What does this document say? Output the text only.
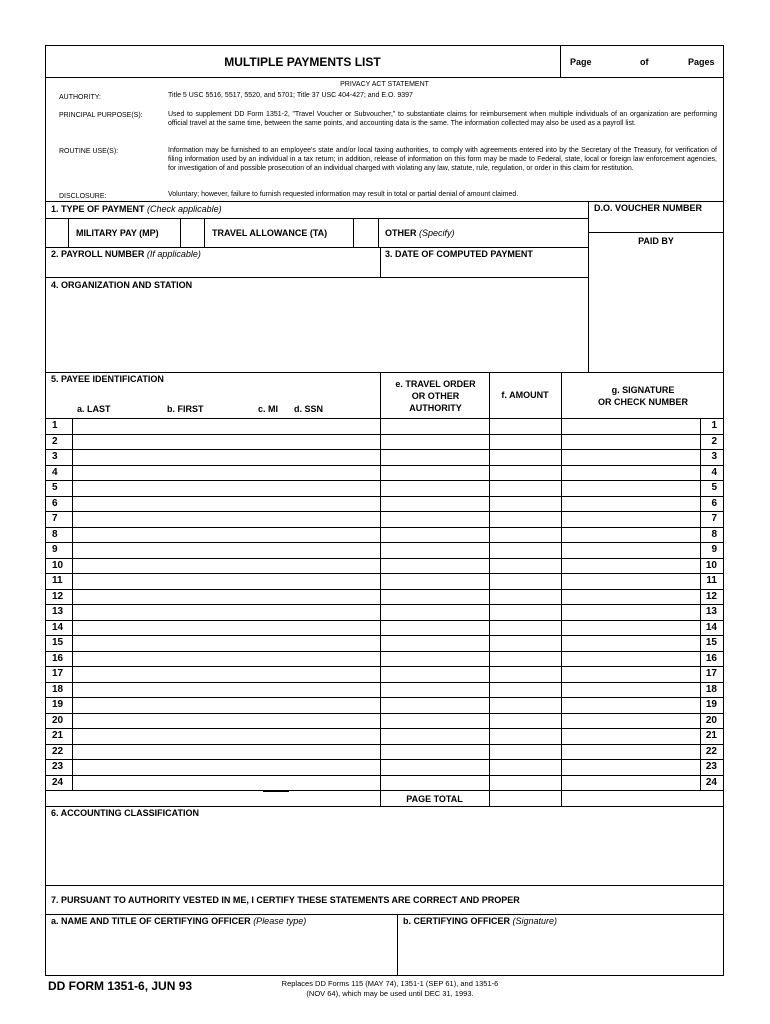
MULTIPLE PAYMENTS LIST	Page	of	Pages
PRIVACY ACT STATEMENT
AUTHORITY:	Title 5 USC 5516, 5517, 5520, and 5701; Title 37 USC 404-427; and E.O. 9397
PRINCIPAL PURPOSE(S):	Used to supplement DD Form 1351-2, "Travel Voucher or Subvoucher," to substantiate claims for reimbursement when multiple individuals of an organization are performing official travel at the same time, between the same points, and accounting data is the same. The information collected may also be used as a payroll list.
ROUTINE USE(S):	Information may be furnished to an employee's state and/or local taxing authorities, to comply with agreements entered into by the Secretary of the Treasury, for verification of filing information used by an individual in a tax return; in addition, release of information on this form may be made to Federal, state, local or foreign law enforcement agencies, for investigation of and possible prosecution of an individual charged with violating any law, statute, rule, regulation, or order in this claim for restitution.
DISCLOSURE:	Voluntary; however, failure to furnish requested information may result in total or partial denial of amount claimed.
D.O. VOUCHER NUMBER
PAID BY
1. TYPE OF PAYMENT (Check applicable)
MILITARY PAY (MP)	TRAVEL ALLOWANCE (TA)	OTHER (Specify)
2. PAYROLL NUMBER (If applicable)	3. DATE OF COMPUTED PAYMENT
4. ORGANIZATION AND STATION
5. PAYEE IDENTIFICATION
a. LAST	b. FIRST	c. MI d. SSN
e. TRAVEL ORDER
OR OTHER
AUTHORITY
f. AMOUNT	g. SIGNATURE
OR CHECK NUMBER
1	1
2	2
3	3
4	4
5	5
6	6
7	7
8	8
9	9
10	10
11	11
12	12
13	13
14	14
15	15
16	16
17	17
18	18
19	19
20	20
21	21
22	22
23	23
24	24
PAGE TOTAL
6. ACCOUNTING CLASSIFICATION
7. PURSUANT TO AUTHORITY VESTED IN ME, I CERTIFY THESE STATEMENTS ARE CORRECT AND PROPER
a. NAME AND TITLE OF CERTIFYING OFFICER (Please type)	b. CERTIFYING OFFICER (Signature)
DD FORM 1351-6, JUN 93	Replaces DD Forms 115 (MAY 74), 1351-1 (SEP 61), and 1351-6
(NOV 64), which may be used until DEC 31, 1993.
